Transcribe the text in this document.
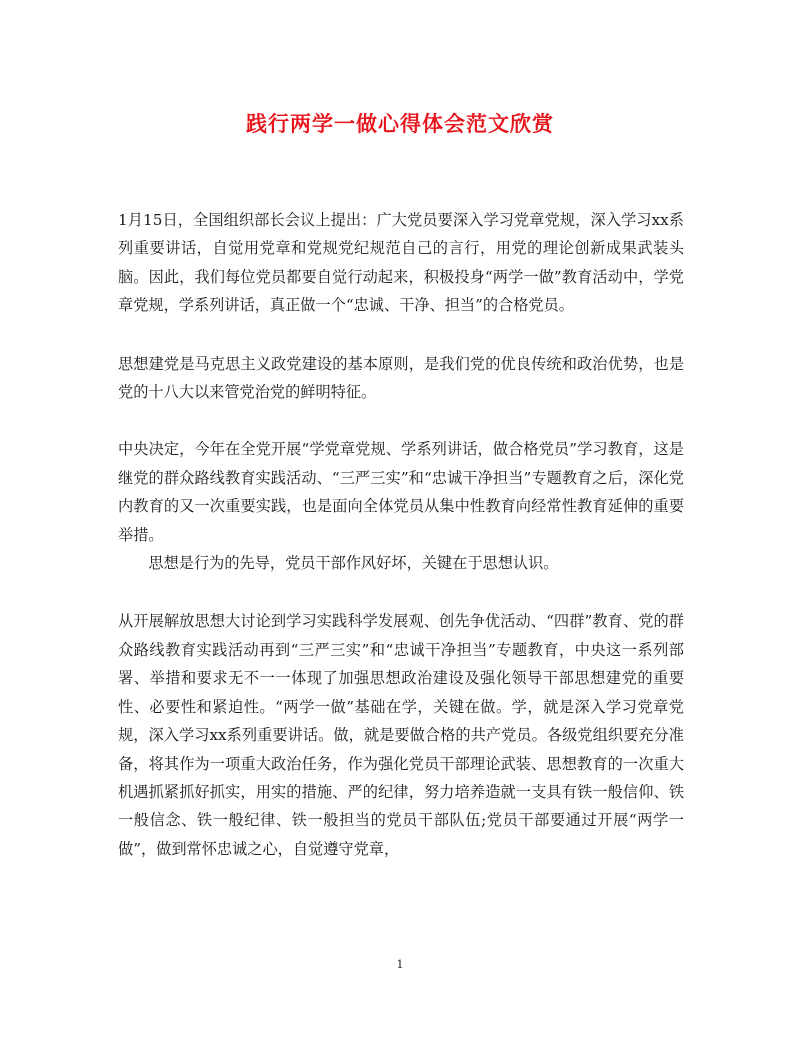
践行两学一做心得体会范文欣赏

1月15日，全国组织部长会议上提出：广大党员要深入学习党章党规，深入学习xx系列重要讲话，自觉用党章和党规党纪规范自己的言行，用党的理论创新成果武装头脑。因此，我们每位党员都要自觉行动起来，积极投身“两学一做”教育活动中，学党章党规，学系列讲话，真正做一个“忠诚、干净、担当”的合格党员。

思想建党是马克思主义政党建设的基本原则，是我们党的优良传统和政治优势，也是党的十八大以来管党治党的鲜明特征。

中央决定，今年在全党开展“学党章党规、学系列讲话，做合格党员”学习教育，这是继党的群众路线教育实践活动、“三严三实”和“忠诚干净担当”专题教育之后，深化党内教育的又一次重要实践，也是面向全体党员从集中性教育向经常性教育延伸的重要举措。

思想是行为的先导，党员干部作风好坏，关键在于思想认识。

从开展解放思想大讨论到学习实践科学发展观、创先争优活动、“四群”教育、党的群众路线教育实践活动再到“三严三实”和“忠诚干净担当”专题教育，中央这一系列部署、举措和要求无不一一体现了加强思想政治建设及强化领导干部思想建党的重要性、必要性和紧迫性。“两学一做”基础在学，关键在做。学，就是深入学习党章党规，深入学习xx系列重要讲话。做，就是要做合格的共产党员。各级党组织要充分准备，将其作为一项重大政治任务，作为强化党员干部理论武装、思想教育的一次重大机遇抓紧抓好抓实，用实的措施、严的纪律，努力培养造就一支具有铁一般信仰、铁一般信念、铁一般纪律、铁一般担当的党员干部队伍;党员干部要通过开展“两学一做”，做到常怀忠诚之心，自觉遵守党章，

1
